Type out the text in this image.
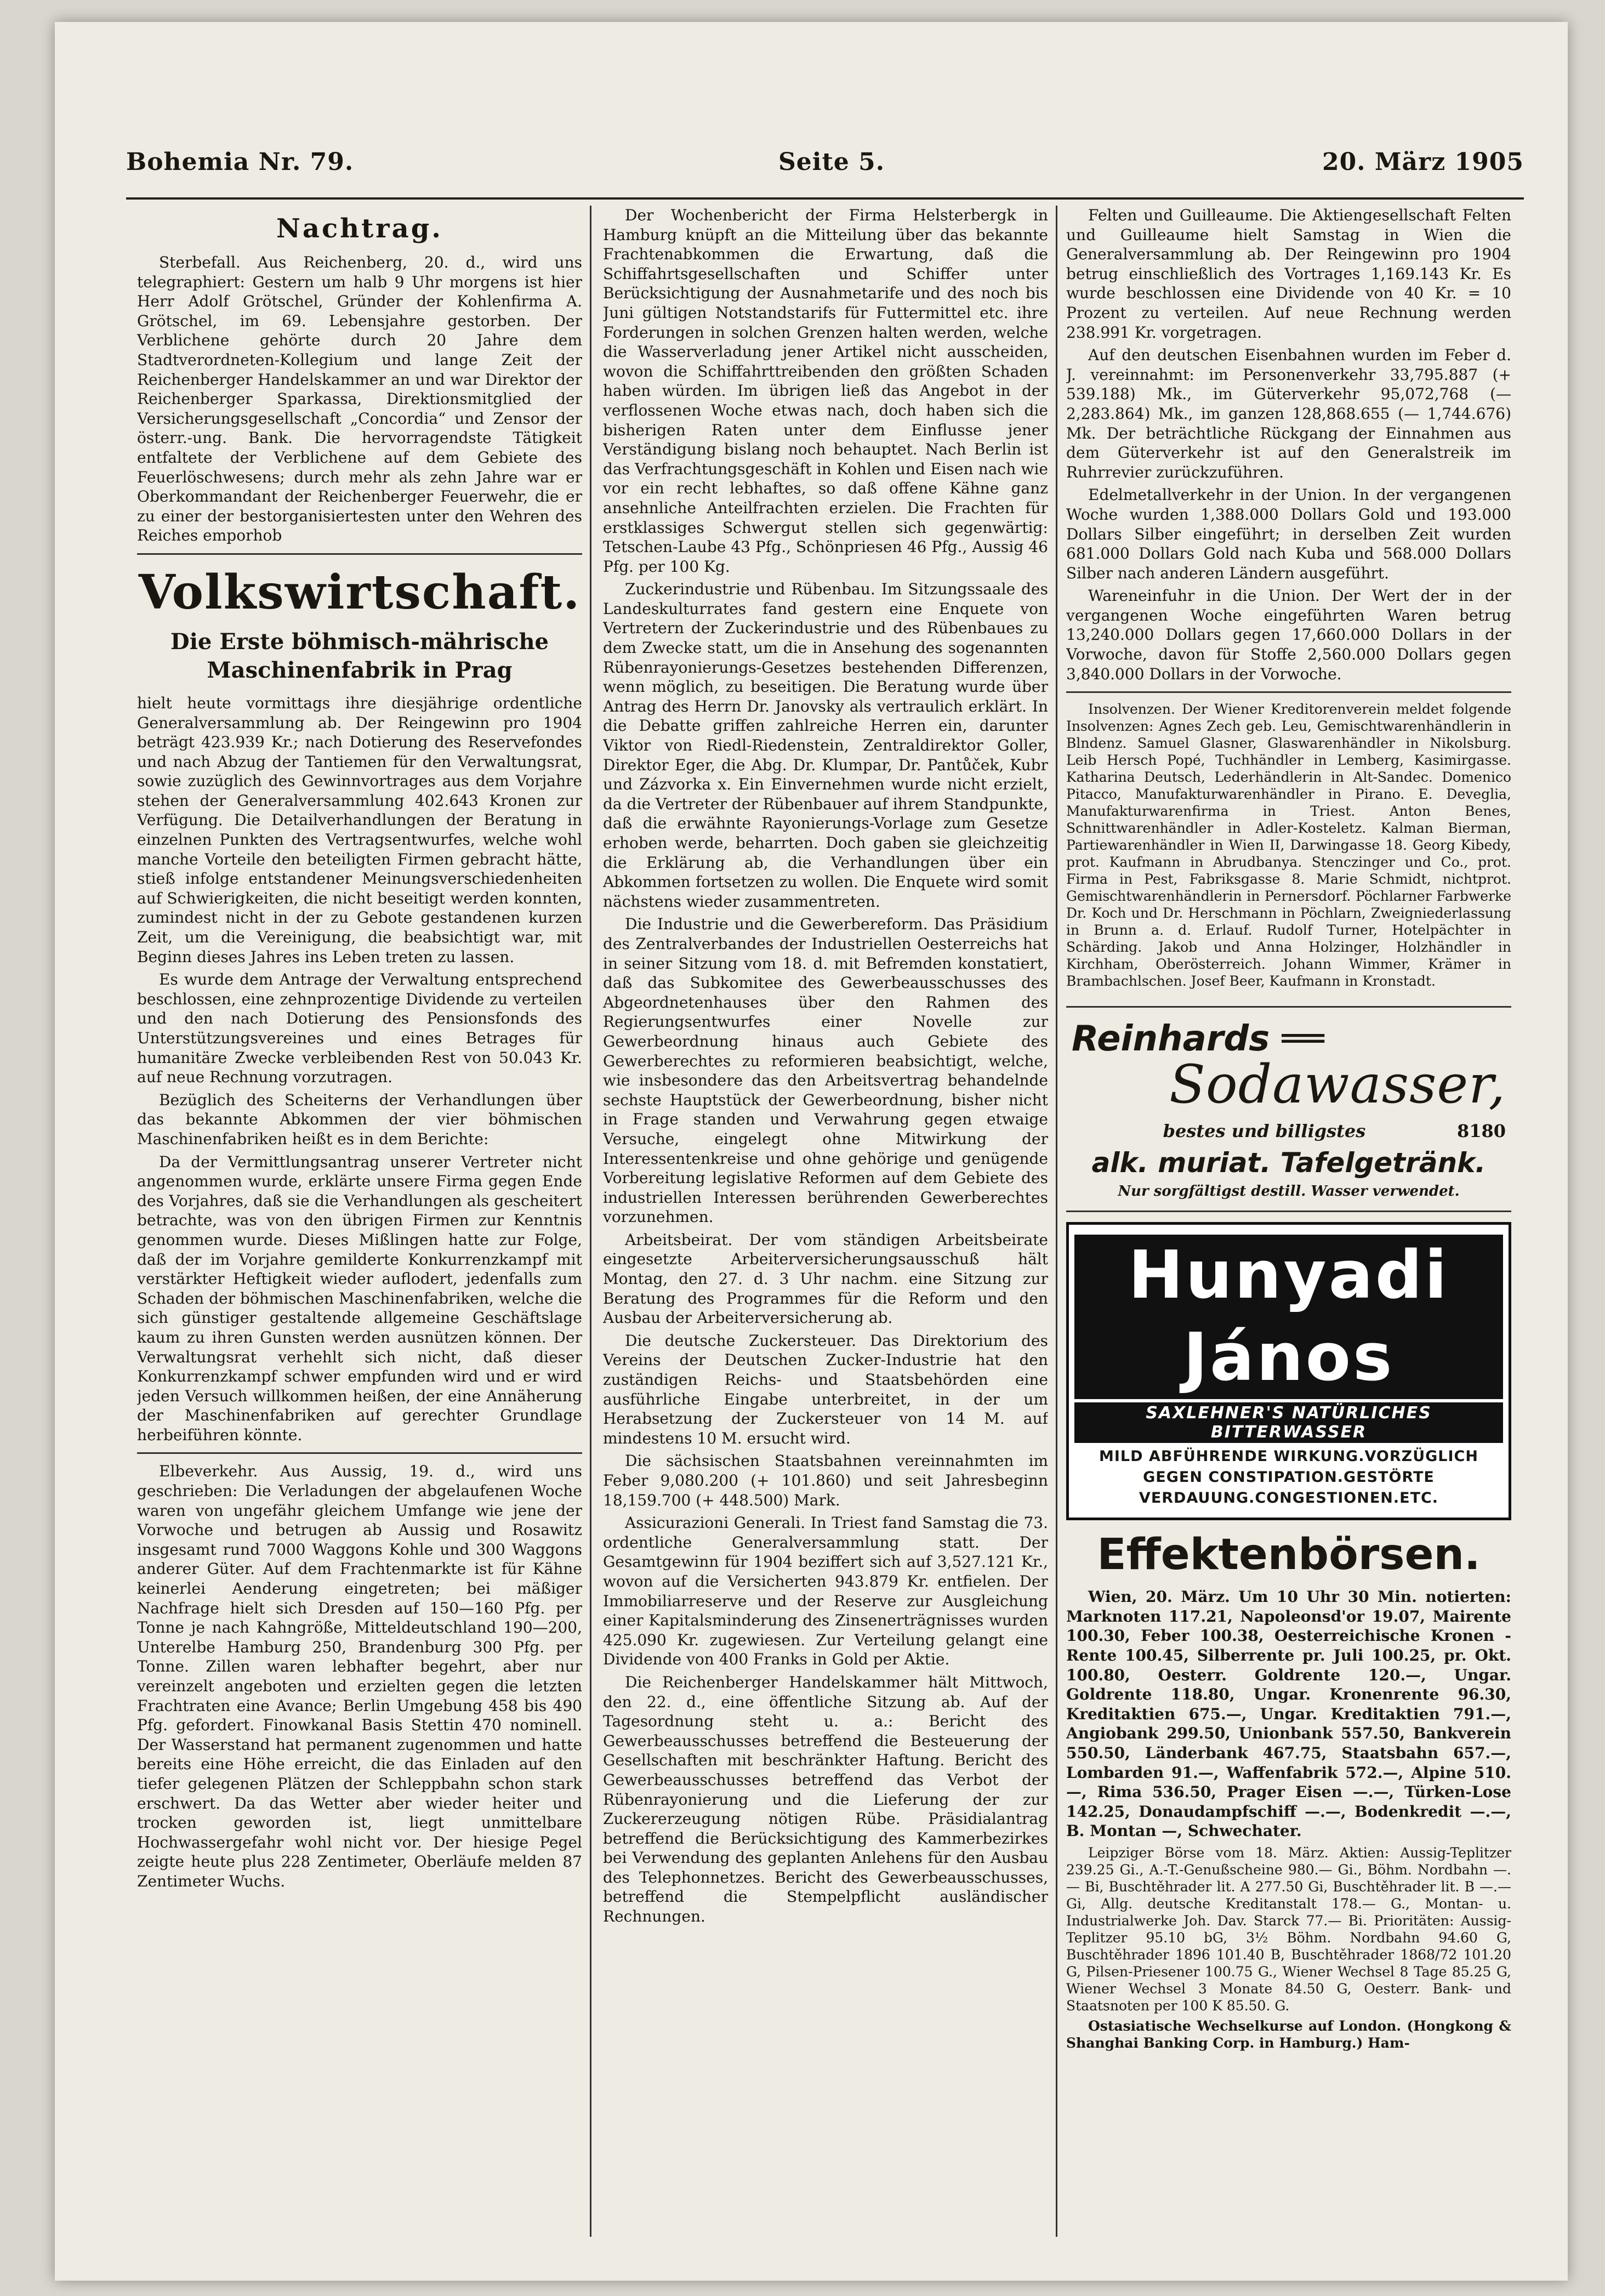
Bohemia Nr. 79.	Seite 5.	20. März 1905
Nachtrag.

Sterbefall. Aus Reichenberg, 20. d., wird uns telegraphiert: Gestern um halb 9 Uhr morgens ist hier Herr Adolf Grötschel, Gründer der Kohlenfirma A. Grötschel, im 69. Lebensjahre gestorben. Der Verblichene gehörte durch 20 Jahre dem Stadtverordneten-Kollegium und lange Zeit der Reichenberger Handelskammer an und war Direktor der Reichenberger Sparkassa, Direktionsmitglied der Versicherungsgesellschaft „Concordia“ und Zensor der österr.-ung. Bank. Die hervorragendste Tätigkeit entfaltete der Verblichene auf dem Gebiete des Feuerlöschwesens; durch mehr als zehn Jahre war er Oberkommandant der Reichenberger Feuerwehr, die er zu einer der bestorganisiertesten unter den Wehren des Reiches emporhob

Volkswirtschaft.
Die Erste böhmisch-mährische Maschinenfabrik in Prag

hielt heute vormittags ihre diesjährige ordentliche Generalversammlung ab. Der Reingewinn pro 1904 beträgt 423.939 Kr.; nach Dotierung des Reservefondes und nach Abzug der Tantiemen für den Verwaltungsrat, sowie zuzüglich des Gewinnvortrages aus dem Vorjahre stehen der Generalversammlung 402.643 Kronen zur Verfügung. Die Detailverhandlungen der Beratung in einzelnen Punkten des Vertragsentwurfes, welche wohl manche Vorteile den beteiligten Firmen gebracht hätte, stieß infolge entstandener Meinungsverschiedenheiten auf Schwierigkeiten, die nicht beseitigt werden konnten, zumindest nicht in der zu Gebote gestandenen kurzen Zeit, um die Vereinigung, die beabsichtigt war, mit Beginn dieses Jahres ins Leben treten zu lassen.

Es wurde dem Antrage der Verwaltung entsprechend beschlossen, eine zehnprozentige Dividende zu verteilen und den nach Dotierung des Pensionsfonds des Unterstützungsvereines und eines Betrages für humanitäre Zwecke verbleibenden Rest von 50.043 Kr. auf neue Rechnung vorzutragen.

Bezüglich des Scheiterns der Verhandlungen über das bekannte Abkommen der vier böhmischen Maschinenfabriken heißt es in dem Berichte:

Da der Vermittlungsantrag unserer Vertreter nicht angenommen wurde, erklärte unsere Firma gegen Ende des Vorjahres, daß sie die Verhandlungen als gescheitert betrachte, was von den übrigen Firmen zur Kenntnis genommen wurde. Dieses Mißlingen hatte zur Folge, daß der im Vorjahre gemilderte Konkurrenzkampf mit verstärkter Heftigkeit wieder auflodert, jedenfalls zum Schaden der böhmischen Maschinenfabriken, welche die sich günstiger gestaltende allgemeine Geschäftslage kaum zu ihren Gunsten werden ausnützen können. Der Verwaltungsrat verhehlt sich nicht, daß dieser Konkurrenzkampf schwer empfunden wird und er wird jeden Versuch willkommen heißen, der eine Annäherung der Maschinenfabriken auf gerechter Grundlage herbeiführen könnte.

Elbeverkehr. Aus Aussig, 19. d., wird uns geschrieben: Die Verladungen der abgelaufenen Woche waren von ungefähr gleichem Umfange wie jene der Vorwoche und betrugen ab Aussig und Rosawitz insgesamt rund 7000 Waggons Kohle und 300 Waggons anderer Güter. Auf dem Frachtenmarkte ist für Kähne keinerlei Aenderung eingetreten; bei mäßiger Nachfrage hielt sich Dresden auf 150—160 Pfg. per Tonne je nach Kahngröße, Mitteldeutschland 190—200, Unterelbe Hamburg 250, Brandenburg 300 Pfg. per Tonne. Zillen waren lebhafter begehrt, aber nur vereinzelt angeboten und erzielten gegen die letzten Frachtraten eine Avance; Berlin Umgebung 458 bis 490 Pfg. gefordert. Finowkanal Basis Stettin 470 nominell. Der Wasserstand hat permanent zugenommen und hatte bereits eine Höhe erreicht, die das Einladen auf den tiefer gelegenen Plätzen der Schleppbahn schon stark erschwert. Da das Wetter aber wieder heiter und trocken geworden ist, liegt unmittelbare Hochwassergefahr wohl nicht vor. Der hiesige Pegel zeigte heute plus 228 Zentimeter, Oberläufe melden 87 Zentimeter Wuchs.

Der Wochenbericht der Firma Helsterbergk in Hamburg knüpft an die Mitteilung über das bekannte Frachtenabkommen die Erwartung, daß die Schiffahrtsgesellschaften und Schiffer unter Berücksichtigung der Ausnahmetarife und des noch bis Juni gültigen Notstandstarifs für Futtermittel etc. ihre Forderungen in solchen Grenzen halten werden, welche die Wasserverladung jener Artikel nicht ausscheiden, wovon die Schiffahrttreibenden den größten Schaden haben würden. Im übrigen ließ das Angebot in der verflossenen Woche etwas nach, doch haben sich die bisherigen Raten unter dem Einflusse jener Verständigung bislang noch behauptet. Nach Berlin ist das Verfrachtungsgeschäft in Kohlen und Eisen nach wie vor ein recht lebhaftes, so daß offene Kähne ganz ansehnliche Anteilfrachten erzielen. Die Frachten für erstklassiges Schwergut stellen sich gegenwärtig: Tetschen-Laube 43 Pfg., Schönpriesen 46 Pfg., Aussig 46 Pfg. per 100 Kg.

Zuckerindustrie und Rübenbau. Im Sitzungssaale des Landeskulturrates fand gestern eine Enquete von Vertretern der Zuckerindustrie und des Rübenbaues zu dem Zwecke statt, um die in Ansehung des sogenannten Rübenrayonierungs-Gesetzes bestehenden Differenzen, wenn möglich, zu beseitigen. Die Beratung wurde über Antrag des Herrn Dr. Janovsky als vertraulich erklärt. In die Debatte griffen zahlreiche Herren ein, darunter Viktor von Riedl-Riedenstein, Zentraldirektor Goller, Direktor Eger, die Abg. Dr. Klumpar, Dr. Pantůček, Kubr und Zázvorka x. Ein Einvernehmen wurde nicht erzielt, da die Vertreter der Rübenbauer auf ihrem Standpunkte, daß die erwähnte Rayonierungs-Vorlage zum Gesetze erhoben werde, beharrten. Doch gaben sie gleichzeitig die Erklärung ab, die Verhandlungen über ein Abkommen fortsetzen zu wollen. Die Enquete wird somit nächstens wieder zusammentreten.

Die Industrie und die Gewerbereform. Das Präsidium des Zentralverbandes der Industriellen Oesterreichs hat in seiner Sitzung vom 18. d. mit Befremden konstatiert, daß das Subkomitee des Gewerbeausschusses des Abgeordnetenhauses über den Rahmen des Regierungsentwurfes einer Novelle zur Gewerbeordnung hinaus auch Gebiete des Gewerberechtes zu reformieren beabsichtigt, welche, wie insbesondere das den Arbeitsvertrag behandelnde sechste Hauptstück der Gewerbeordnung, bisher nicht in Frage standen und Verwahrung gegen etwaige Versuche, eingelegt ohne Mitwirkung der Interessentenkreise und ohne gehörige und genügende Vorbereitung legislative Reformen auf dem Gebiete des industriellen Interessen berührenden Gewerberechtes vorzunehmen.

Arbeitsbeirat. Der vom ständigen Arbeitsbeirate eingesetzte Arbeiterversicherungsausschuß hält Montag, den 27. d. 3 Uhr nachm. eine Sitzung zur Beratung des Programmes für die Reform und den Ausbau der Arbeiterversicherung ab.

Die deutsche Zuckersteuer. Das Direktorium des Vereins der Deutschen Zucker-Industrie hat den zuständigen Reichs- und Staatsbehörden eine ausführliche Eingabe unterbreitet, in der um Herabsetzung der Zuckersteuer von 14 M. auf mindestens 10 M. ersucht wird.

Die sächsischen Staatsbahnen vereinnahmten im Feber 9,080.200 (+ 101.860) und seit Jahresbeginn 18,159.700 (+ 448.500) Mark.

Assicurazioni Generali. In Triest fand Samstag die 73. ordentliche Generalversammlung statt. Der Gesamtgewinn für 1904 beziffert sich auf 3,527.121 Kr., wovon auf die Versicherten 943.879 Kr. entfielen. Der Immobiliarreserve und der Reserve zur Ausgleichung einer Kapitalsminderung des Zinsenerträgnisses wurden 425.090 Kr. zugewiesen. Zur Verteilung gelangt eine Dividende von 400 Franks in Gold per Aktie.

Die Reichenberger Handelskammer hält Mittwoch, den 22. d., eine öffentliche Sitzung ab. Auf der Tagesordnung steht u. a.: Bericht des Gewerbeausschusses betreffend die Besteuerung der Gesellschaften mit beschränkter Haftung. Bericht des Gewerbeausschusses betreffend das Verbot der Rübenrayonierung und die Lieferung der zur Zuckererzeugung nötigen Rübe. Präsidialantrag betreffend die Berücksichtigung des Kammerbezirkes bei Verwendung des geplanten Anlehens für den Ausbau des Telephonnetzes. Bericht des Gewerbeausschusses, betreffend die Stempelpflicht ausländischer Rechnungen.

Felten und Guilleaume. Die Aktiengesellschaft Felten und Guilleaume hielt Samstag in Wien die Generalversammlung ab. Der Reingewinn pro 1904 betrug einschließlich des Vortrages 1,169.143 Kr. Es wurde beschlossen eine Dividende von 40 Kr. = 10 Prozent zu verteilen. Auf neue Rechnung werden 238.991 Kr. vorgetragen.

Auf den deutschen Eisenbahnen wurden im Feber d. J. vereinnahmt: im Personenverkehr 33,795.887 (+ 539.188) Mk., im Güterverkehr 95,072,768 (— 2,283.864) Mk., im ganzen 128,868.655 (— 1,744.676) Mk. Der beträchtliche Rückgang der Einnahmen aus dem Güterverkehr ist auf den Generalstreik im Ruhrrevier zurückzuführen.

Edelmetallverkehr in der Union. In der vergangenen Woche wurden 1,388.000 Dollars Gold und 193.000 Dollars Silber eingeführt; in derselben Zeit wurden 681.000 Dollars Gold nach Kuba und 568.000 Dollars Silber nach anderen Ländern ausgeführt.

Wareneinfuhr in die Union. Der Wert der in der vergangenen Woche eingeführten Waren betrug 13,240.000 Dollars gegen 17,660.000 Dollars in der Vorwoche, davon für Stoffe 2,560.000 Dollars gegen 3,840.000 Dollars in der Vorwoche.

Insolvenzen. Der Wiener Kreditorenverein meldet folgende Insolvenzen: Agnes Zech geb. Leu, Gemischtwarenhändlerin in Blndenz. Samuel Glasner, Glaswarenhändler in Nikolsburg. Leib Hersch Popé, Tuchhändler in Lemberg, Kasimirgasse. Katharina Deutsch, Lederhändlerin in Alt-Sandec. Domenico Pitacco, Manufakturwarenhändler in Pirano. E. Deveglia, Manufakturwarenfirma in Triest. Anton Benes, Schnittwarenhändler in Adler-Kosteletz. Kalman Bierman, Partiewarenhändler in Wien II, Darwingasse 18. Georg Kibedy, prot. Kaufmann in Abrudbanya. Stenczinger und Co., prot. Firma in Pest, Fabriksgasse 8. Marie Schmidt, nichtprot. Gemischtwarenhändlerin in Pernersdorf. Pöchlarner Farbwerke Dr. Koch und Dr. Herschmann in Pöchlarn, Zweigniederlassung in Brunn a. d. Erlauf. Rudolf Turner, Hotelpächter in Schärding. Jakob und Anna Holzinger, Holzhändler in Kirchham, Oberösterreich. Johann Wimmer, Krämer in Brambachlschen. Josef Beer, Kaufmann in Kronstadt.

Reinhards ══
Sodawasser,
8180
bestes und billigstes
alk. muriat. Tafelgetränk.
Nur sorgfältigst destill. Wasser verwendet.
Hunyadi János
SAXLEHNER'S NATÜRLICHES BITTERWASSER
MILD ABFÜHRENDE WIRKUNG.VORZÜGLICH GEGEN CONSTIPATION.GESTÖRTE VERDAUUNG.CONGESTIONEN.ETC.
Effektenbörsen.

Wien, 20. März. Um 10 Uhr 30 Min. notierten: Marknoten 117.21, Napoleonsd'or 19.07, Mairente 100.30, Feber 100.38, Oesterreichische Kronen - Rente 100.45, Silberrente pr. Juli 100.25, pr. Okt. 100.80, Oesterr. Goldrente 120.—, Ungar. Goldrente 118.80, Ungar. Kronenrente 96.30, Kreditaktien 675.—, Ungar. Kreditaktien 791.—, Angiobank 299.50, Unionbank 557.50, Bankverein 550.50, Länderbank 467.75, Staatsbahn 657.—, Lombarden 91.—, Waffenfabrik 572.—, Alpine 510.—, Rima 536.50, Prager Eisen —.—, Türken-Lose 142.25, Donaudampfschiff —.—, Bodenkredit —.—, B. Montan —, Schwechater.

Leipziger Börse vom 18. März. Aktien: Aussig-Teplitzer 239.25 Gi., A.-T.-Genußscheine 980.— Gi., Böhm. Nordbahn —.— Bi, Buschtěhrader lit. A 277.50 Gi, Buschtěhrader lit. B —.— Gi, Allg. deutsche Kreditanstalt 178.— G., Montan- u. Industrialwerke Joh. Dav. Starck 77.— Bi. Prioritäten: Aussig-Teplitzer 95.10 bG, 3½ Böhm. Nordbahn 94.60 G, Buschtěhrader 1896 101.40 B, Buschtěhrader 1868/72 101.20 G, Pilsen-Priesener 100.75 G., Wiener Wechsel 8 Tage 85.25 G, Wiener Wechsel 3 Monate 84.50 G, Oesterr. Bank- und Staatsnoten per 100 K 85.50. G.

Ostasiatische Wechselkurse auf London. (Hongkong & Shanghai Banking Corp. in Hamburg.) Ham-
